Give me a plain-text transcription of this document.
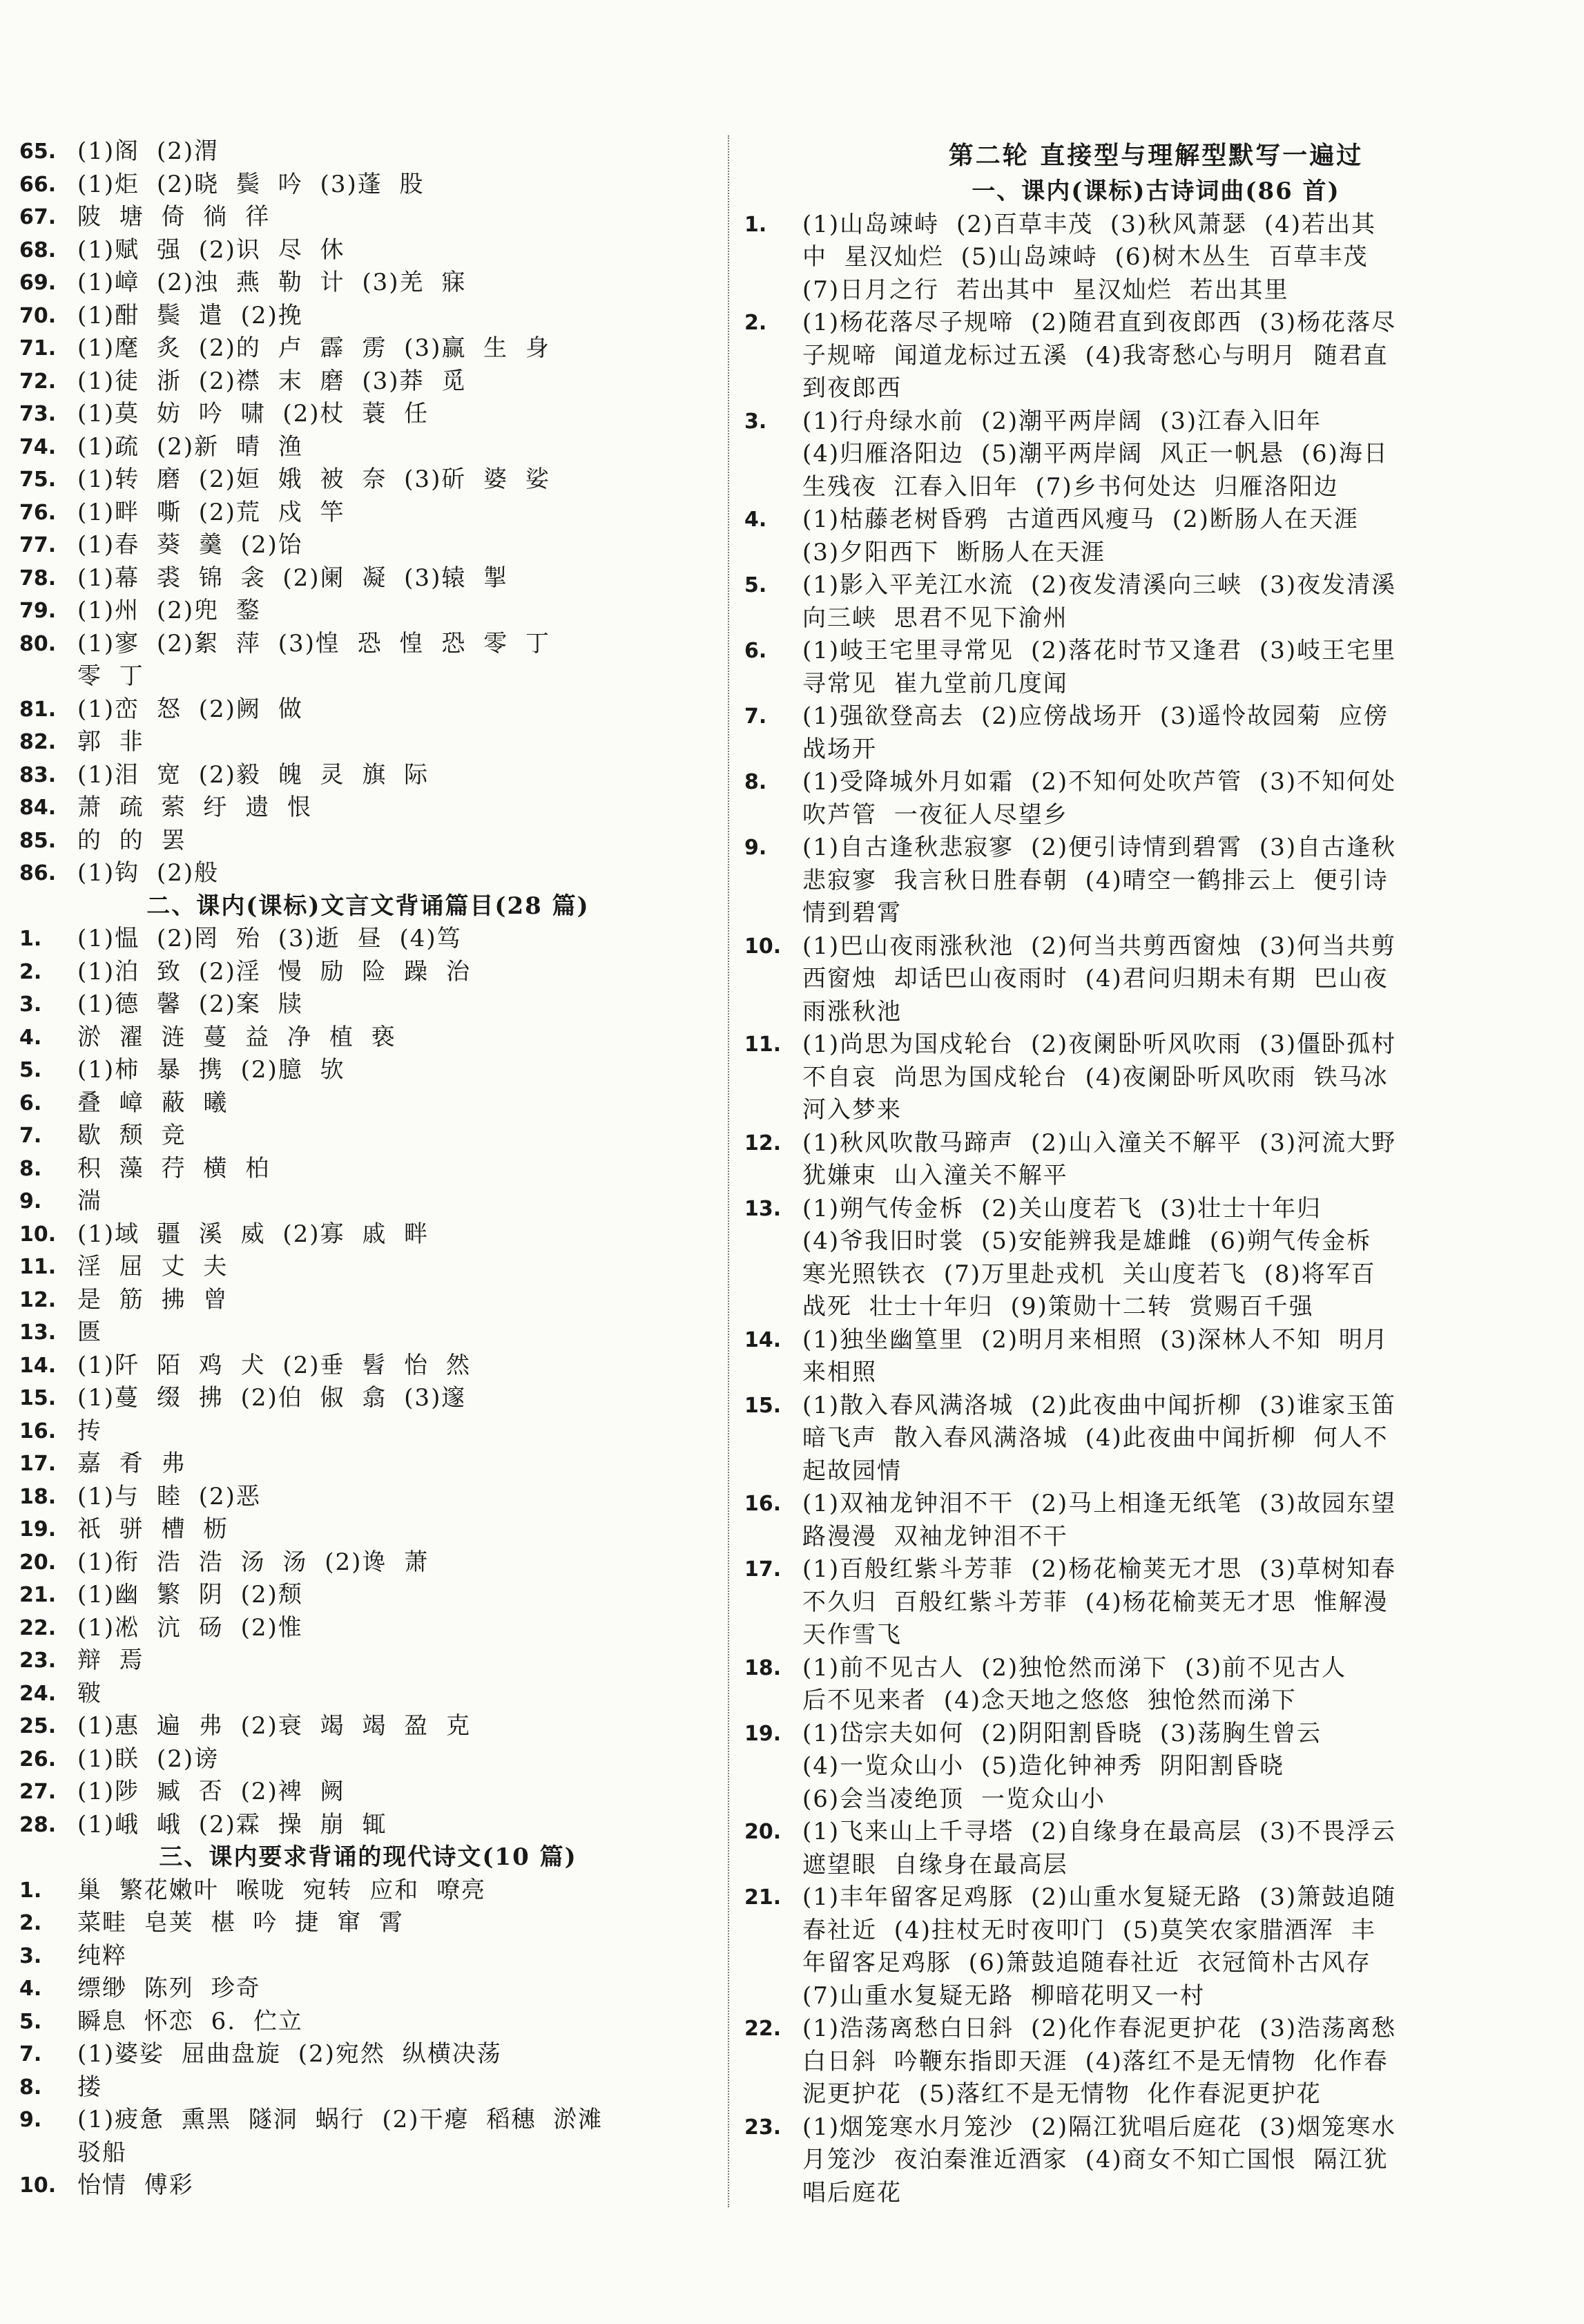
65. (1)阁 (2)渭
66. (1)炬 (2)晓 鬓 吟 (3)蓬 股
67. 陂 塘 倚 徜 徉
68. (1)赋 强 (2)识 尽 休
69. (1)嶂 (2)浊 燕 勒 计 (3)羌 寐
70. (1)酣 鬓 遣 (2)挽
71. (1)麾 炙 (2)的 卢 霹 雳 (3)赢 生 身
72. (1)徒 浙 (2)襟 末 磨 (3)莽 觅
73. (1)莫 妨 吟 啸 (2)杖 蓑 任
74. (1)疏 (2)新 晴 渔
75. (1)转 磨 (2)姮 娥 被 奈 (3)斫 婆 娑
76. (1)畔 嘶 (2)荒 戍 竿
77. (1)春 葵 羹 (2)饴
78. (1)幕 裘 锦 衾 (2)阑 凝 (3)辕 掣
79. (1)州 (2)兜 鍪
80. (1)寥 (2)絮 萍 (3)惶 恐 惶 恐 零 丁
零 丁
81. (1)峦 怒 (2)阙 做
82. 郭 非
83. (1)泪 宽 (2)毅 魄 灵 旗 际
84. 萧 疏 萦 纡 遗 恨
85. 的 的 罢
86. (1)钩 (2)般
二、课内(课标)文言文背诵篇目(28 篇)
1.	(1)愠 (2)罔 殆 (3)逝 昼 (4)笃
2.	(1)泊 致 (2)淫 慢 励 险 躁 治
3.	(1)德 馨 (2)案 牍
4.	淤 濯 涟 蔓 益 净 植 亵
5.	(1)柿 暴 携 (2)臆 欤
6.	叠 嶂 蔽 曦
7.	歇 颓 竞
8.	积 藻 荇 横 柏
9.	湍
10. (1)域 疆 溪 威 (2)寡 戚 畔
11. 淫 屈 丈 夫
12. 是 筋 拂 曾
13. 匮
14. (1)阡 陌 鸡 犬 (2)垂 髫 怡 然
15. (1)蔓 缀 拂 (2)伯 俶 翕 (3)邃
16. 抟
17. 嘉 肴 弗
18. (1)与 睦 (2)恶
19. 祇 骈 槽 枥
20. (1)衔 浩 浩 汤 汤 (2)谗 萧
21. (1)幽 繁 阴 (2)颓
22. (1)凇 沆 砀 (2)惟
23. 辩 焉
24. 皲
25. (1)惠 遍 弗 (2)衰 竭 竭 盈 克
26. (1)眹 (2)谤
27. (1)陟 臧 否 (2)裨 阙
28. (1)峨 峨 (2)霖 操 崩 辄
三、课内要求背诵的现代诗文(10 篇)
1.	巢 繁花嫩叶 喉咙 宛转 应和 嘹亮
2.	菜畦 皂荚 椹 吟 捷 窜 霄
3.	纯粹
4.	缥缈 陈列 珍奇
5.	瞬息 怀恋 6. 伫立
7.	(1)婆娑 屈曲盘旋 (2)宛然 纵横决荡
8.	搂
9.	(1)疲惫 熏黑 隧洞 蜗行 (2)干瘪 稻穗 淤滩
驳船
10. 怡情 傅彩
第二轮 直接型与理解型默写一遍过
一、课内(课标)古诗词曲(86 首)
1.	(1)山岛竦峙 (2)百草丰茂 (3)秋风萧瑟 (4)若出其
中 星汉灿烂 (5)山岛竦峙 (6)树木丛生 百草丰茂
(7)日月之行 若出其中 星汉灿烂 若出其里
2.	(1)杨花落尽子规啼 (2)随君直到夜郎西 (3)杨花落尽
子规啼 闻道龙标过五溪 (4)我寄愁心与明月 随君直
到夜郎西
3.	(1)行舟绿水前 (2)潮平两岸阔 (3)江春入旧年
(4)归雁洛阳边 (5)潮平两岸阔 风正一帆悬 (6)海日
生残夜 江春入旧年 (7)乡书何处达 归雁洛阳边
4.	(1)枯藤老树昏鸦 古道西风瘦马 (2)断肠人在天涯
(3)夕阳西下 断肠人在天涯
5.	(1)影入平羌江水流 (2)夜发清溪向三峡 (3)夜发清溪
向三峡 思君不见下渝州
6.	(1)岐王宅里寻常见 (2)落花时节又逢君 (3)岐王宅里
寻常见 崔九堂前几度闻
7.	(1)强欲登高去 (2)应傍战场开 (3)遥怜故园菊 应傍
战场开
8.	(1)受降城外月如霜 (2)不知何处吹芦管 (3)不知何处
吹芦管 一夜征人尽望乡
9.	(1)自古逢秋悲寂寥 (2)便引诗情到碧霄 (3)自古逢秋
悲寂寥 我言秋日胜春朝 (4)晴空一鹤排云上 便引诗
情到碧霄
10. (1)巴山夜雨涨秋池 (2)何当共剪西窗烛 (3)何当共剪
西窗烛 却话巴山夜雨时 (4)君问归期未有期 巴山夜
雨涨秋池
11. (1)尚思为国戍轮台 (2)夜阑卧听风吹雨 (3)僵卧孤村
不自哀 尚思为国戍轮台 (4)夜阑卧听风吹雨 铁马冰
河入梦来
12. (1)秋风吹散马蹄声 (2)山入潼关不解平 (3)河流大野
犹嫌束 山入潼关不解平
13. (1)朔气传金柝 (2)关山度若飞 (3)壮士十年归
(4)爷我旧时裳 (5)安能辨我是雄雌 (6)朔气传金柝
寒光照铁衣 (7)万里赴戎机 关山度若飞 (8)将军百
战死 壮士十年归 (9)策勋十二转 赏赐百千强
14. (1)独坐幽篁里 (2)明月来相照 (3)深林人不知 明月
来相照
15. (1)散入春风满洛城 (2)此夜曲中闻折柳 (3)谁家玉笛
暗飞声 散入春风满洛城 (4)此夜曲中闻折柳 何人不
起故园情
16. (1)双袖龙钟泪不干 (2)马上相逢无纸笔 (3)故园东望
路漫漫 双袖龙钟泪不干
17. (1)百般红紫斗芳菲 (2)杨花榆荚无才思 (3)草树知春
不久归 百般红紫斗芳菲 (4)杨花榆荚无才思 惟解漫
天作雪飞
18. (1)前不见古人 (2)独怆然而涕下 (3)前不见古人
后不见来者 (4)念天地之悠悠 独怆然而涕下
19. (1)岱宗夫如何 (2)阴阳割昏晓 (3)荡胸生曾云
(4)一览众山小 (5)造化钟神秀 阴阳割昏晓
(6)会当凌绝顶 一览众山小
20. (1)飞来山上千寻塔 (2)自缘身在最高层 (3)不畏浮云
遮望眼 自缘身在最高层
21. (1)丰年留客足鸡豚 (2)山重水复疑无路 (3)箫鼓追随
春社近 (4)拄杖无时夜叩门 (5)莫笑农家腊酒浑 丰
年留客足鸡豚 (6)箫鼓追随春社近 衣冠简朴古风存
(7)山重水复疑无路 柳暗花明又一村
22. (1)浩荡离愁白日斜 (2)化作春泥更护花 (3)浩荡离愁
白日斜 吟鞭东指即天涯 (4)落红不是无情物 化作春
泥更护花 (5)落红不是无情物 化作春泥更护花
23. (1)烟笼寒水月笼沙 (2)隔江犹唱后庭花 (3)烟笼寒水
月笼沙 夜泊秦淮近酒家 (4)商女不知亡国恨 隔江犹
唱后庭花
